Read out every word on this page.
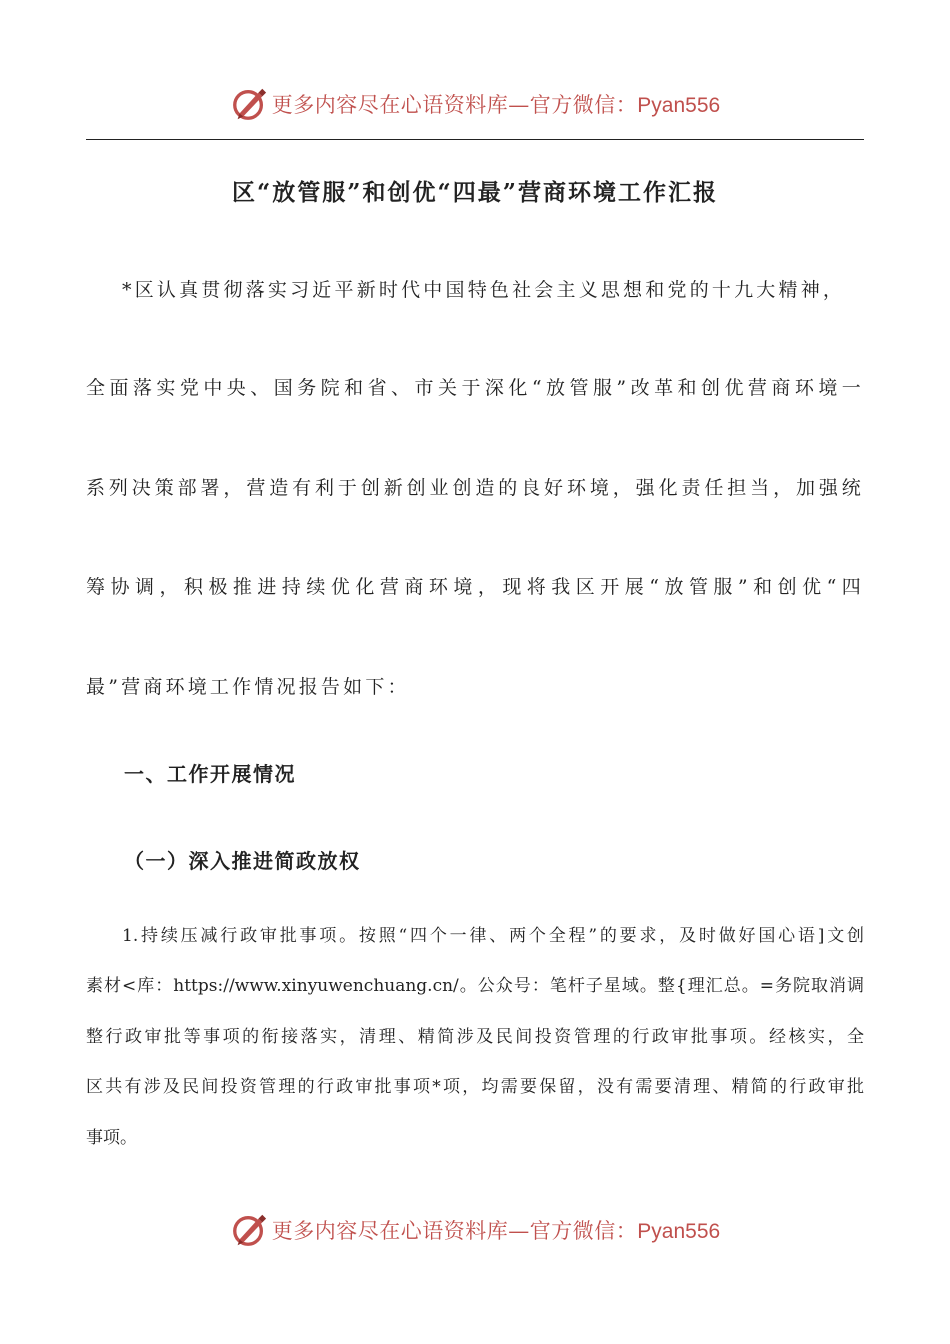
更多内容尽在心语资料库—官方微信：Pyan556
区“放管服”和创优“四最”营商环境工作汇报
*区认真贯彻落实习近平新时代中国特色社会主义思想和党的十九大精神，
全面落实党中央、国务院和省、市关于深化“放管服”改革和创优营商环境一
系列决策部署，营造有利于创新创业创造的良好环境，强化责任担当，加强统
筹协调，积极推进持续优化营商环境，现将我区开展“放管服”和创优“四
最”营商环境工作情况报告如下：
一、工作开展情况
（一）深入推进简政放权
1.持续压减行政审批事项。按照“四个一律、两个全程”的要求，及时做好国心语]文创
素材<库：https://www.xinyuwenchuang.cn/。公众号：笔杆子星域。整{理汇总。=务院取消调
整行政审批等事项的衔接落实，清理、精简涉及民间投资管理的行政审批事项。经核实，全
区共有涉及民间投资管理的行政审批事项*项，均需要保留，没有需要清理、精简的行政审批
事项。
更多内容尽在心语资料库—官方微信：Pyan556
